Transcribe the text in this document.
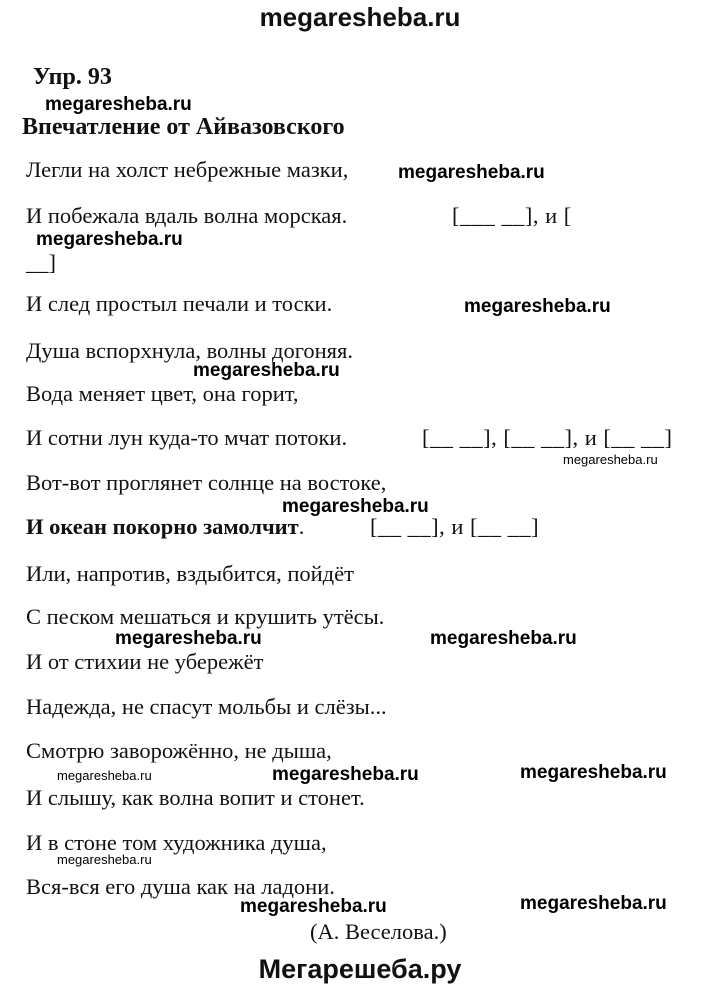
megaresheba.ru
Упр. 93
Впечатление от Айвазовского
Легли на холст небрежные мазки,
И побежала вдаль волна морская.	[___ __], и [
__]
И след простыл печали и тоски.
Душа вспорхнула, волны догоняя.
Вода меняет цвет, она горит,
И сотни лун куда-то мчат потоки.	[__ __], [__ __], и [__ __]
Вот-вот проглянет солнце на востоке,
И океан покорно замолчит.	[__ __], и [__ __]
Или, напротив, вздыбится, пойдёт
С песком мешаться и крушить утёсы.
И от стихии не убережёт
Надежда, не спасут мольбы и слёзы...
Смотрю заворожённо, не дыша,
И слышу, как волна вопит и стонет.
И в стоне том художника душа,
Вся-вся его душа как на ладони.
(А. Веселова.)
megaresheba.ru
megaresheba.ru
megaresheba.ru
megaresheba.ru
megaresheba.ru
megaresheba.ru
megaresheba.ru
megaresheba.ru	megaresheba.ru
megaresheba.ru	megaresheba.ru	megaresheba.ru
megaresheba.ru
megaresheba.ru	megaresheba.ru
Мегарешеба.ру
